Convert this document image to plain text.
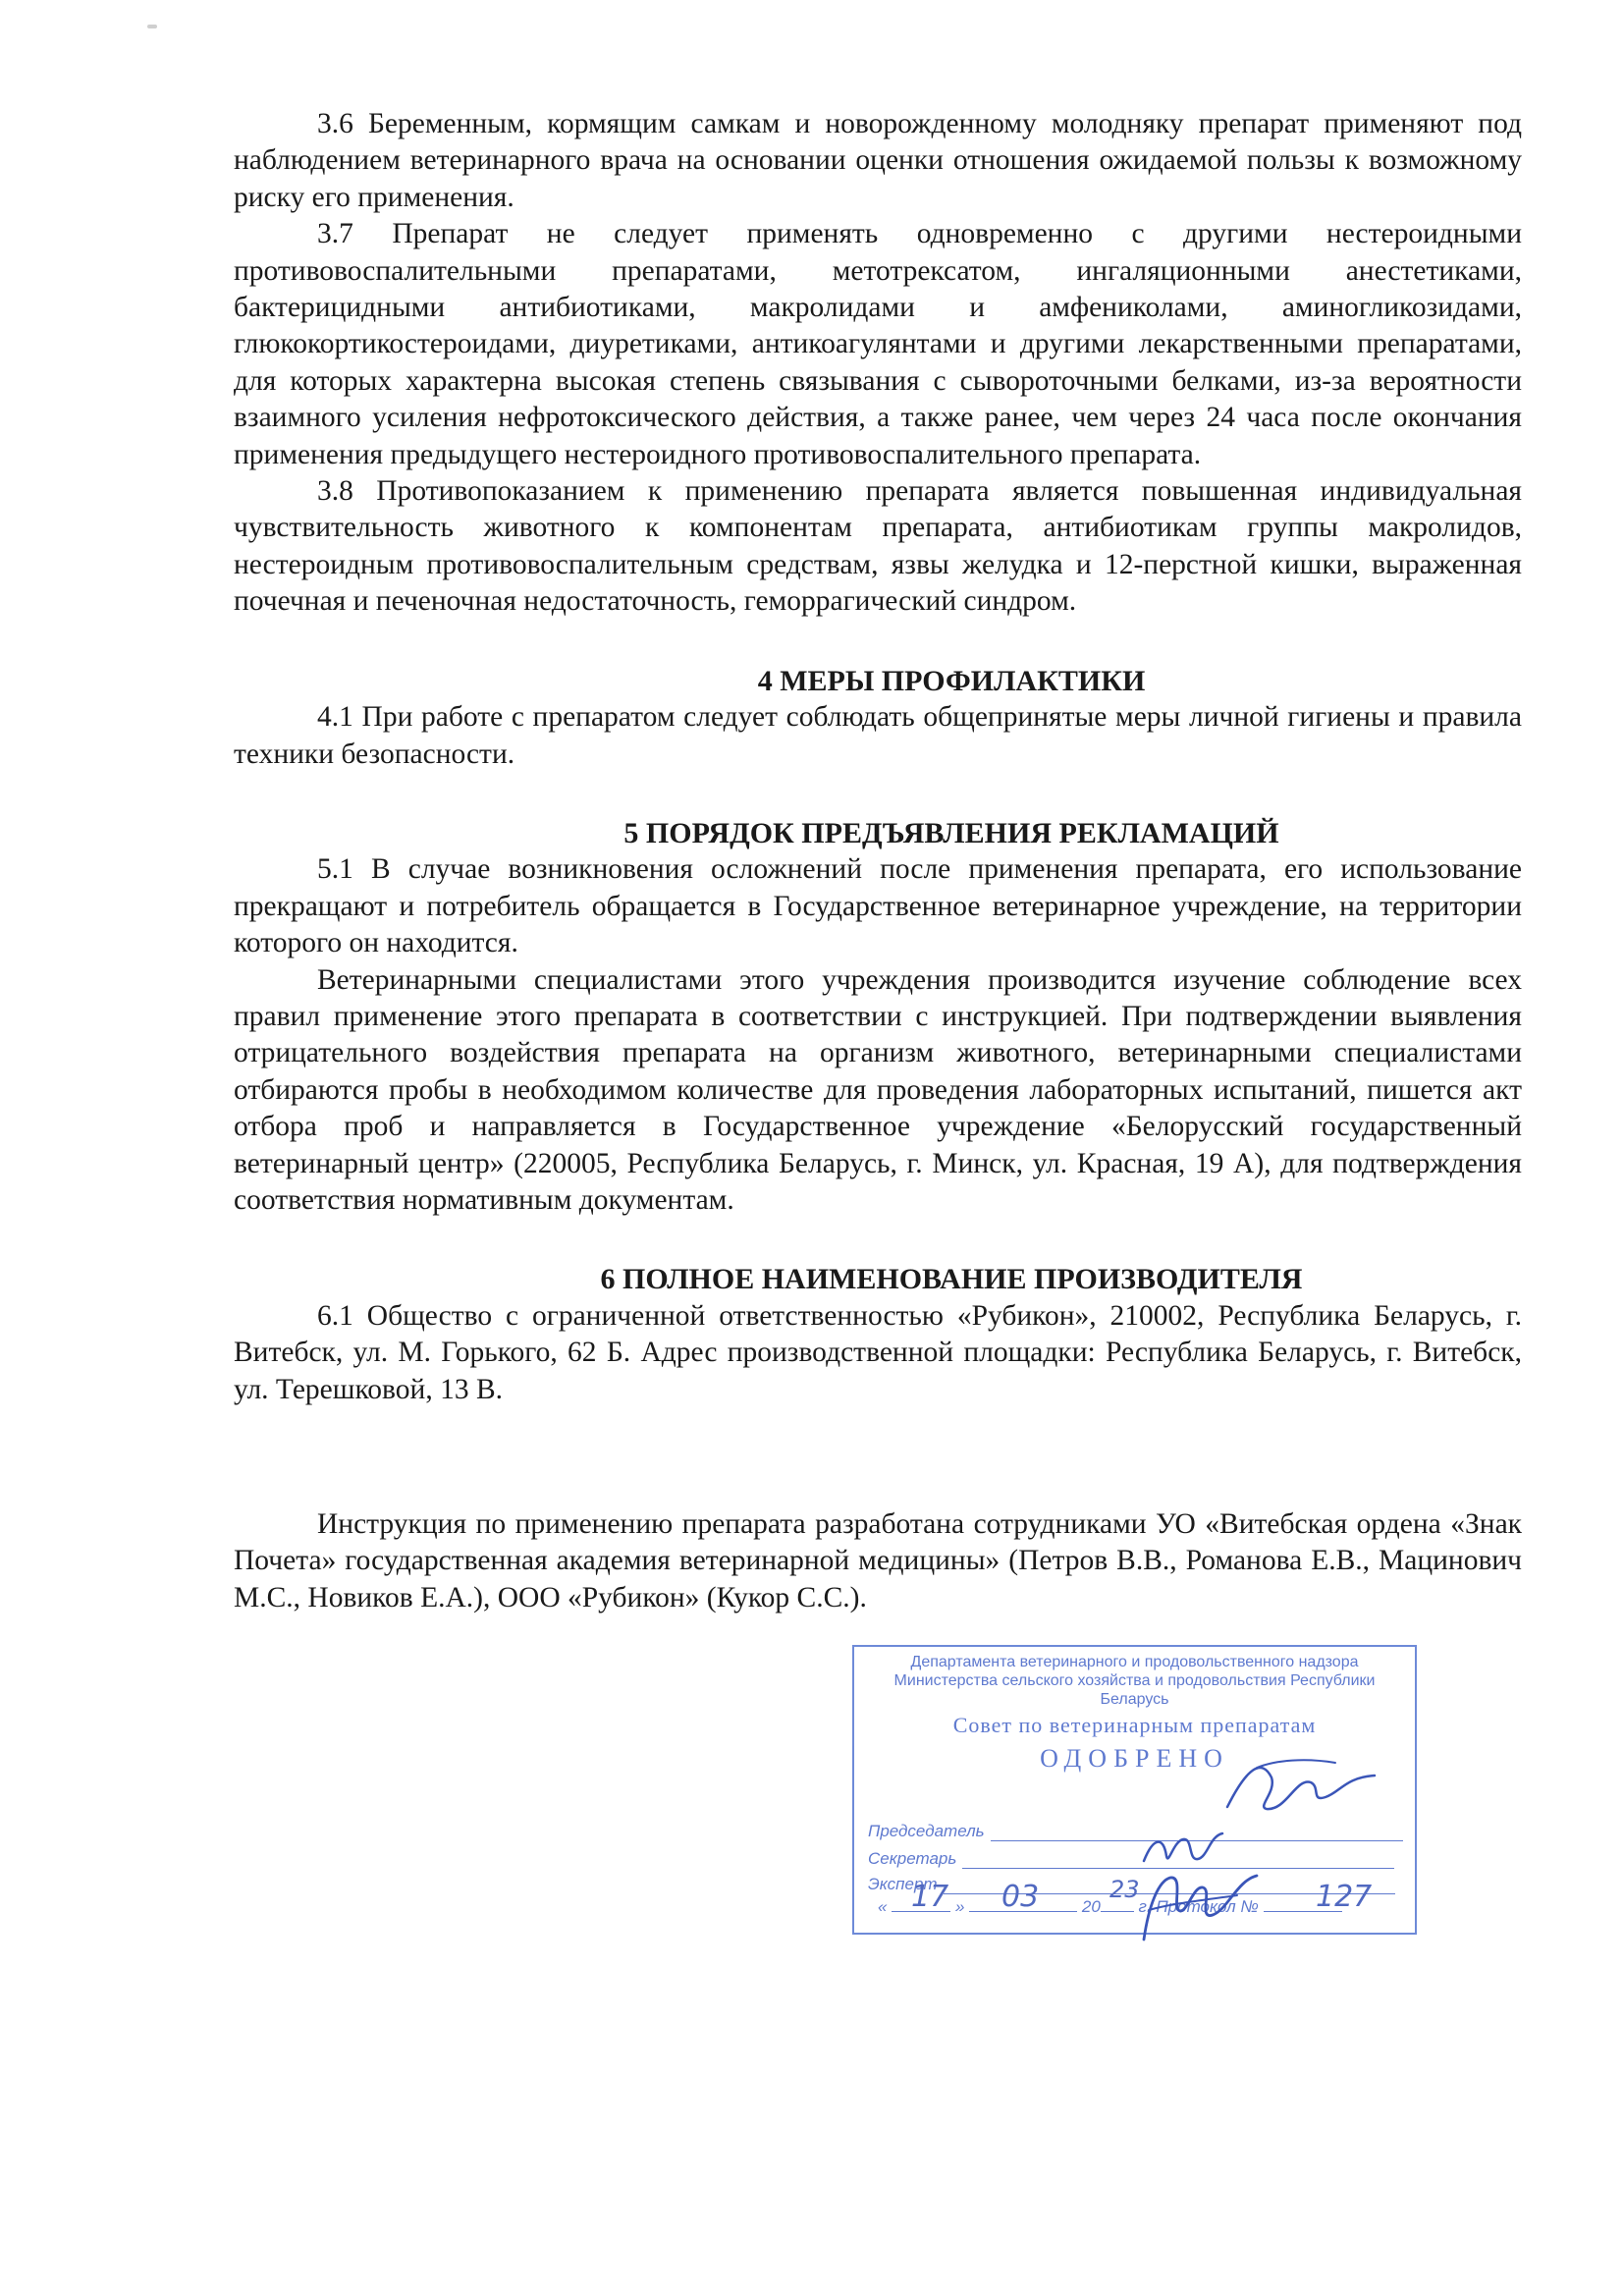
3.6 Беременным, кормящим самкам и новорожденному молодняку препарат применяют под наблюдением ветеринарного врача на основании оценки отношения ожидаемой пользы к возможному риску его применения.

3.7 Препарат не следует применять одновременно с другими нестероидными противовоспалительными препаратами, метотрексатом, ингаляционными анестетиками, бактерицидными антибиотиками, макролидами и амфениколами, аминогликозидами, глюкокортикостероидами, диуретиками, антикоагулянтами и другими лекарственными препаратами, для которых характерна высокая степень связывания с сывороточными белками, из-за вероятности взаимного усиления нефротоксического действия, а также ранее, чем через 24 часа после окончания применения предыдущего нестероидного противовоспалительного препарата.

3.8 Противопоказанием к применению препарата является повышенная индивидуальная чувствительность животного к компонентам препарата, антибиотикам группы макролидов, нестероидным противовоспалительным средствам, язвы желудка и 12-перстной кишки, выраженная почечная и печеночная недостаточность, геморрагический синдром.

4 МЕРЫ ПРОФИЛАКТИКИ

4.1 При работе с препаратом следует соблюдать общепринятые меры личной гигиены и правила техники безопасности.

5 ПОРЯДОК ПРЕДЪЯВЛЕНИЯ РЕКЛАМАЦИЙ

5.1 В случае возникновения осложнений после применения препарата, его использование прекращают и потребитель обращается в Государственное ветеринарное учреждение, на территории которого он находится.

Ветеринарными специалистами этого учреждения производится изучение соблюдение всех правил применение этого препарата в соответствии с инструкцией. При подтверждении выявления отрицательного воздействия препарата на организм животного, ветеринарными специалистами отбираются пробы в необходимом количестве для проведения лабораторных испытаний, пишется акт отбора проб и направляется в Государственное учреждение «Белорусский государственный ветеринарный центр» (220005, Республика Беларусь, г. Минск, ул. Красная, 19 А), для подтверждения соответствия нормативным документам.

6 ПОЛНОЕ НАИМЕНОВАНИЕ ПРОИЗВОДИТЕЛЯ

6.1 Общество с ограниченной ответственностью «Рубикон», 210002, Республика Беларусь, г. Витебск, ул. М. Горького, 62 Б. Адрес производственной площадки: Республика Беларусь, г. Витебск, ул. Терешковой, 13 В.

Инструкция по применению препарата разработана сотрудниками УО «Витебская ордена «Знак Почета» государственная академия ветеринарной медицины» (Петров В.В., Романова Е.В., Мацинович М.С., Новиков Е.А.), ООО «Рубикон» (Кукор С.С.).

Департамента ветеринарного и продовольственного надзора Министерства сельского хозяйства и продовольствия Республики Беларусь
Совет по ветеринарным препаратам
ОДОБРЕНО
Председатель
Секретарь
Эксперт
«	»	20 г. Протокол №
17 03	23	127
